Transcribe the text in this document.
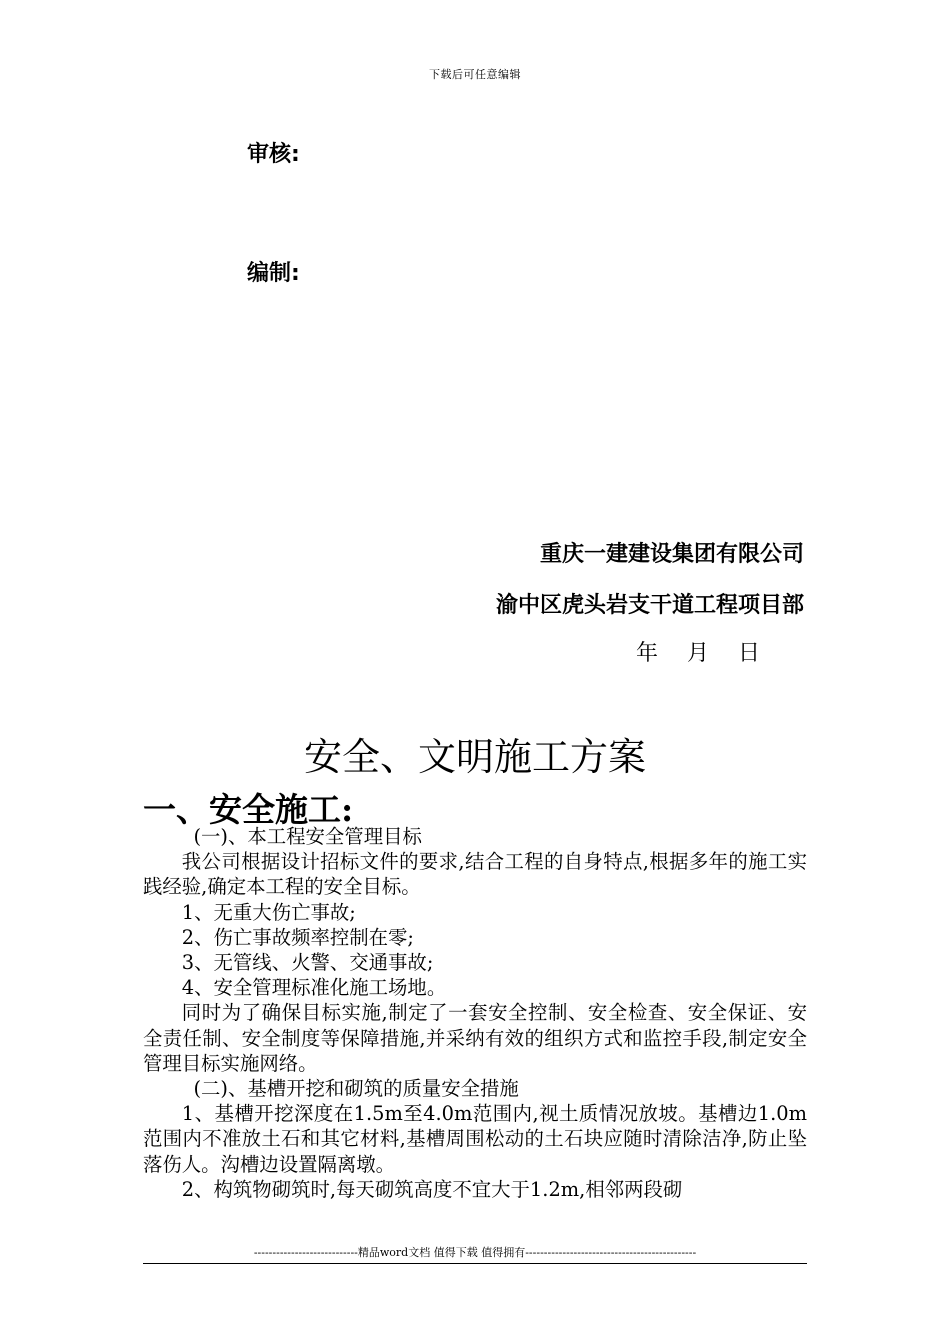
下载后可任意编辑
审核:
编制:
重庆一建建设集团有限公司
渝中区虎头岩支干道工程项目部
年 月 日
安全、文明施工方案
一、安全施工:

(一)、本工程安全管理目标

我公司根据设计招标文件的要求,结合工程的自身特点,根据多年的施工实践经验,确定本工程的安全目标。

1、无重大伤亡事故;

2、伤亡事故频率控制在零;

3、无管线、火警、交通事故;

4、安全管理标准化施工场地。

同时为了确保目标实施,制定了一套安全控制、安全检查、安全保证、安全责任制、安全制度等保障措施,并采纳有效的组织方式和监控手段,制定安全管理目标实施网络。

(二)、基槽开挖和砌筑的质量安全措施

1、基槽开挖深度在1.5m至4.0m范围内,视土质情况放坡。基槽边1.0m范围内不准放土石和其它材料,基槽周围松动的土石块应随时清除洁净,防止坠落伤人。沟槽边设置隔离墩。

2、构筑物砌筑时,每天砌筑高度不宜大于1.2m,相邻两段砌

----------------------------精品word文档 值得下载 值得拥有----------------------------------------------
